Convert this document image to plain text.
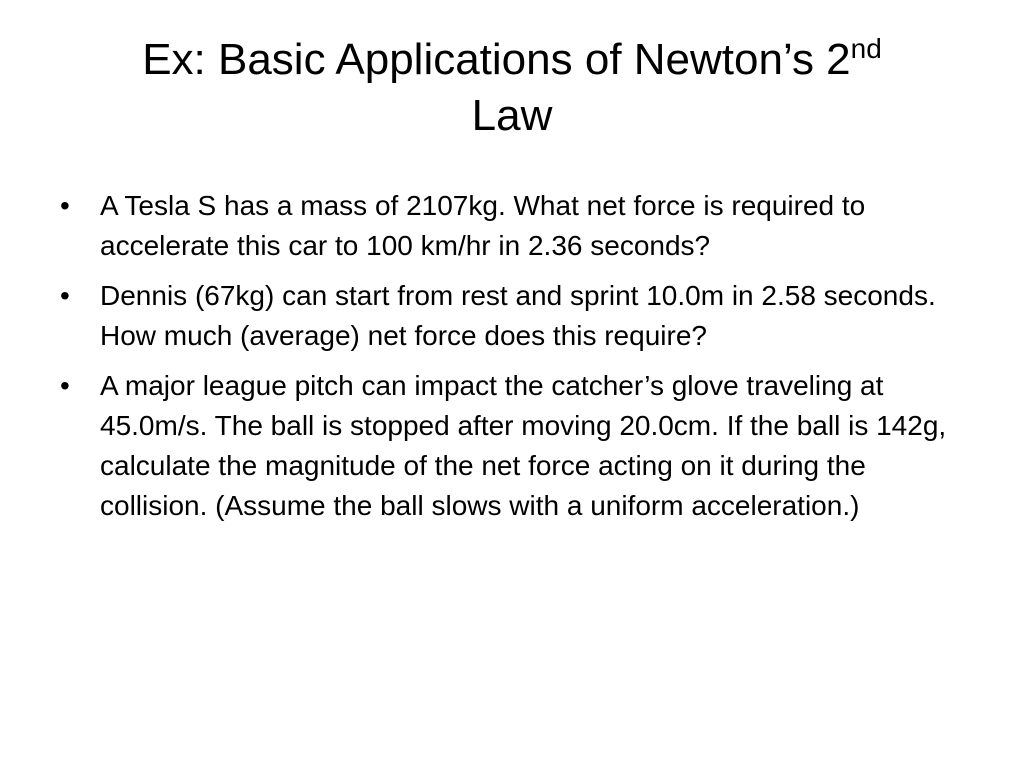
Ex: Basic Applications of Newton’s 2nd
Law
• A Tesla S has a mass of 2107kg. What net force is required to accelerate this car to 100 km/hr in 2.36 seconds?
• Dennis (67kg) can start from rest and sprint 10.0m in 2.58 seconds. How much (average) net force does this require?
• A major league pitch can impact the catcher’s glove traveling at 45.0m/s. The ball is stopped after moving 20.0cm. If the ball is 142g, calculate the magnitude of the net force acting on it during the collision. (Assume the ball slows with a uniform acceleration.)
